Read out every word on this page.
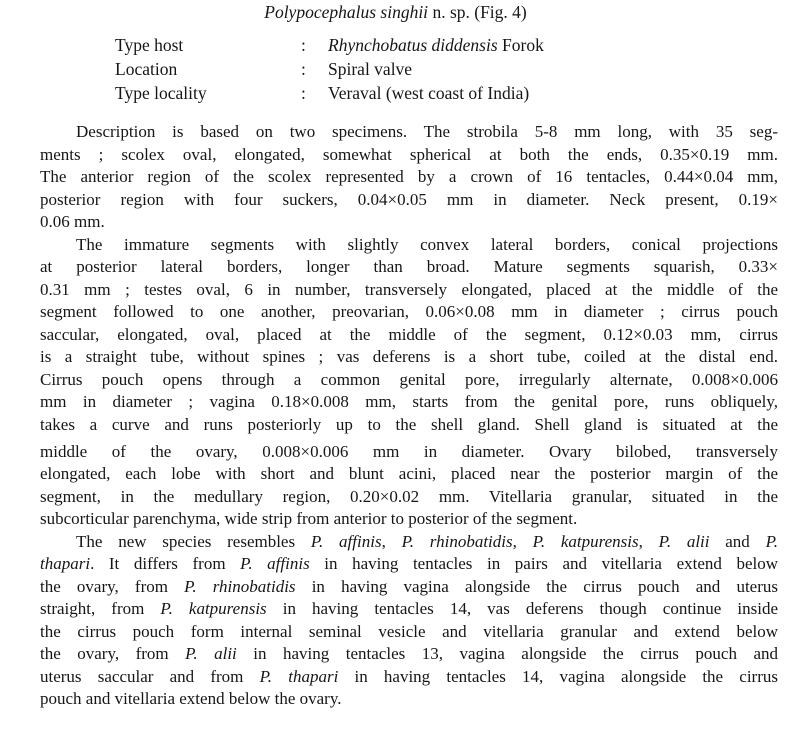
Polypocephalus singhii n. sp. (Fig. 4)
Type host	: Rhynchobatus diddensis Forok
Location	: Spiral valve
Type locality	: Veraval (west coast of India)
Description is based on two specimens. The strobila 5-8 mm long, with 35 seg-
ments ; scolex oval, elongated, somewhat spherical at both the ends, 0.35×0.19 mm.
The anterior region of the scolex represented by a crown of 16 tentacles, 0.44×0.04 mm,
posterior region with four suckers, 0.04×0.05 mm in diameter. Neck present, 0.19×
0.06 mm.
The immature segments with slightly convex lateral borders, conical projections
at posterior lateral borders, longer than broad. Mature segments squarish, 0.33×
0.31 mm ; testes oval, 6 in number, transversely elongated, placed at the middle of the
segment followed to one another, preovarian, 0.06×0.08 mm in diameter ; cirrus pouch
saccular, elongated, oval, placed at the middle of the segment, 0.12×0.03 mm, cirrus
is a straight tube, without spines ; vas deferens is a short tube, coiled at the distal end.
Cirrus pouch opens through a common genital pore, irregularly alternate, 0.008×0.006
mm in diameter ; vagina 0.18×0.008 mm, starts from the genital pore, runs obliquely,
takes a curve and runs posteriorly up to the shell gland. Shell gland is situated at the
middle of the ovary, 0.008×0.006 mm in diameter. Ovary bilobed, transversely
elongated, each lobe with short and blunt acini, placed near the posterior margin of the
segment, in the medullary region, 0.20×0.02 mm. Vitellaria granular, situated in the
subcorticular parenchyma, wide strip from anterior to posterior of the segment.
The new species resembles P. affinis, P. rhinobatidis, P. katpurensis, P. alii and P.
thapari. It differs from P. affinis in having tentacles in pairs and vitellaria extend below
the ovary, from P. rhinobatidis in having vagina alongside the cirrus pouch and uterus
straight, from P. katpurensis in having tentacles 14, vas deferens though continue inside
the cirrus pouch form internal seminal vesicle and vitellaria granular and extend below
the ovary, from P. alii in having tentacles 13, vagina alongside the cirrus pouch and
uterus saccular and from P. thapari in having tentacles 14, vagina alongside the cirrus
pouch and vitellaria extend below the ovary.
